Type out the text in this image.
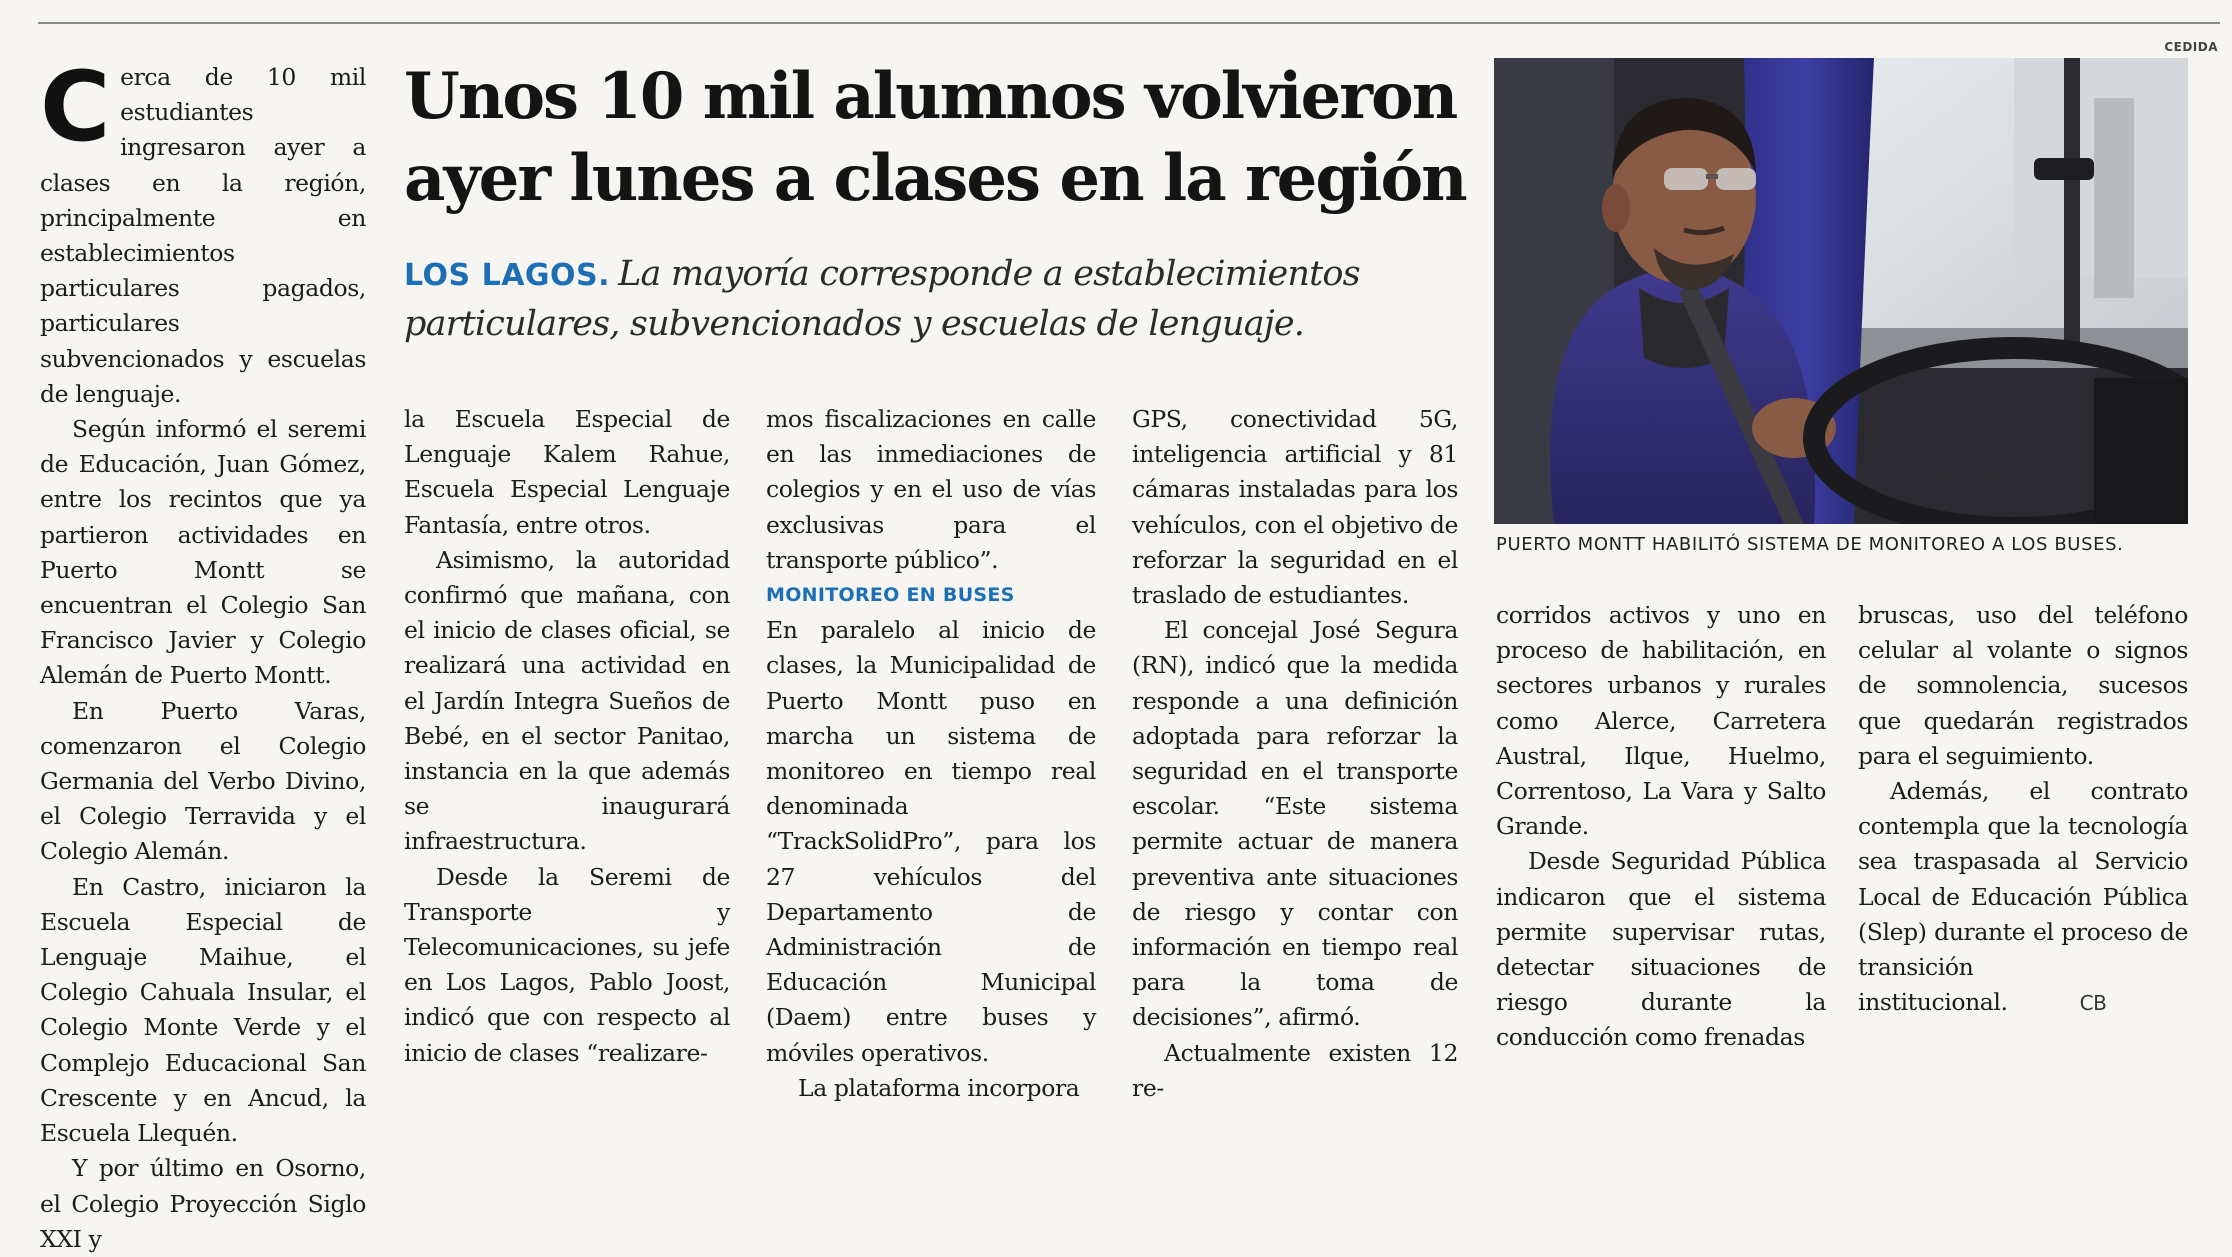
Cerca de 10 mil estudiantes ingresaron ayer a clases en la región, principalmente en establecimientos particulares pagados, particulares subvencionados y escuelas de lenguaje.

Según informó el seremi de Educación, Juan Gómez, entre los recintos que ya partieron actividades en Puerto Montt se encuentran el Colegio San Francisco Javier y Colegio Alemán de Puerto Montt.

En Puerto Varas, comenzaron el Colegio Germania del Verbo Divino, el Colegio Terravida y el Colegio Alemán.

En Castro, iniciaron la Escuela Especial de Lenguaje Maihue, el Colegio Cahuala Insular, el Colegio Monte Verde y el Complejo Educacional San Crescente y en Ancud, la Escuela Llequén.

Y por último en Osorno, el Colegio Proyección Siglo XXI y

Unos 10 mil alumnos volvieron
ayer lunes a clases en la región
LOS LAGOS. La mayoría corresponde a establecimientos particulares, subvencionados y escuelas de lenguaje.

la Escuela Especial de Lenguaje Kalem Rahue, Escuela Especial Lenguaje Fantasía, entre otros.

Asimismo, la autoridad confirmó que mañana, con el inicio de clases oficial, se realizará una actividad en el Jardín Integra Sueños de Bebé, en el sector Panitao, instancia en la que además se inaugurará infraestructura.

Desde la Seremi de Transporte y Telecomunicaciones, su jefe en Los Lagos, Pablo Joost, indicó que con respecto al inicio de clases “realizare-

mos fiscalizaciones en calle en las inmediaciones de colegios y en el uso de vías exclusivas para el transporte público”.

MONITOREO EN BUSES

En paralelo al inicio de clases, la Municipalidad de Puerto Montt puso en marcha un sistema de monitoreo en tiempo real denominada “TrackSolidPro”, para los 27 vehículos del Departamento de Administración de Educación Municipal (Daem) entre buses y móviles operativos.

La plataforma incorpora

GPS, conectividad 5G, inteligencia artificial y 81 cámaras instaladas para los vehículos, con el objetivo de reforzar la seguridad en el traslado de estudiantes.

El concejal José Segura (RN), indicó que la medida responde a una definición adoptada para reforzar la seguridad en el transporte escolar. “Este sistema permite actuar de manera preventiva ante situaciones de riesgo y contar con información en tiempo real para la toma de decisiones”, afirmó.

Actualmente existen 12 re-

CEDIDA
PUERTO MONTT HABILITÓ SISTEMA DE MONITOREO A LOS BUSES.

corridos activos y uno en proceso de habilitación, en sectores urbanos y rurales como Alerce, Carretera Austral, Ilque, Huelmo, Correntoso, La Vara y Salto Grande.

Desde Seguridad Pública indicaron que el sistema permite supervisar rutas, detectar situaciones de riesgo durante la conducción como frenadas

bruscas, uso del teléfono celular al volante o signos de somnolencia, sucesos que quedarán registrados para el seguimiento.

Además, el contrato contempla que la tecnología sea traspasada al Servicio Local de Educación Pública (Slep) durante el proceso de transición institucional.	CB
